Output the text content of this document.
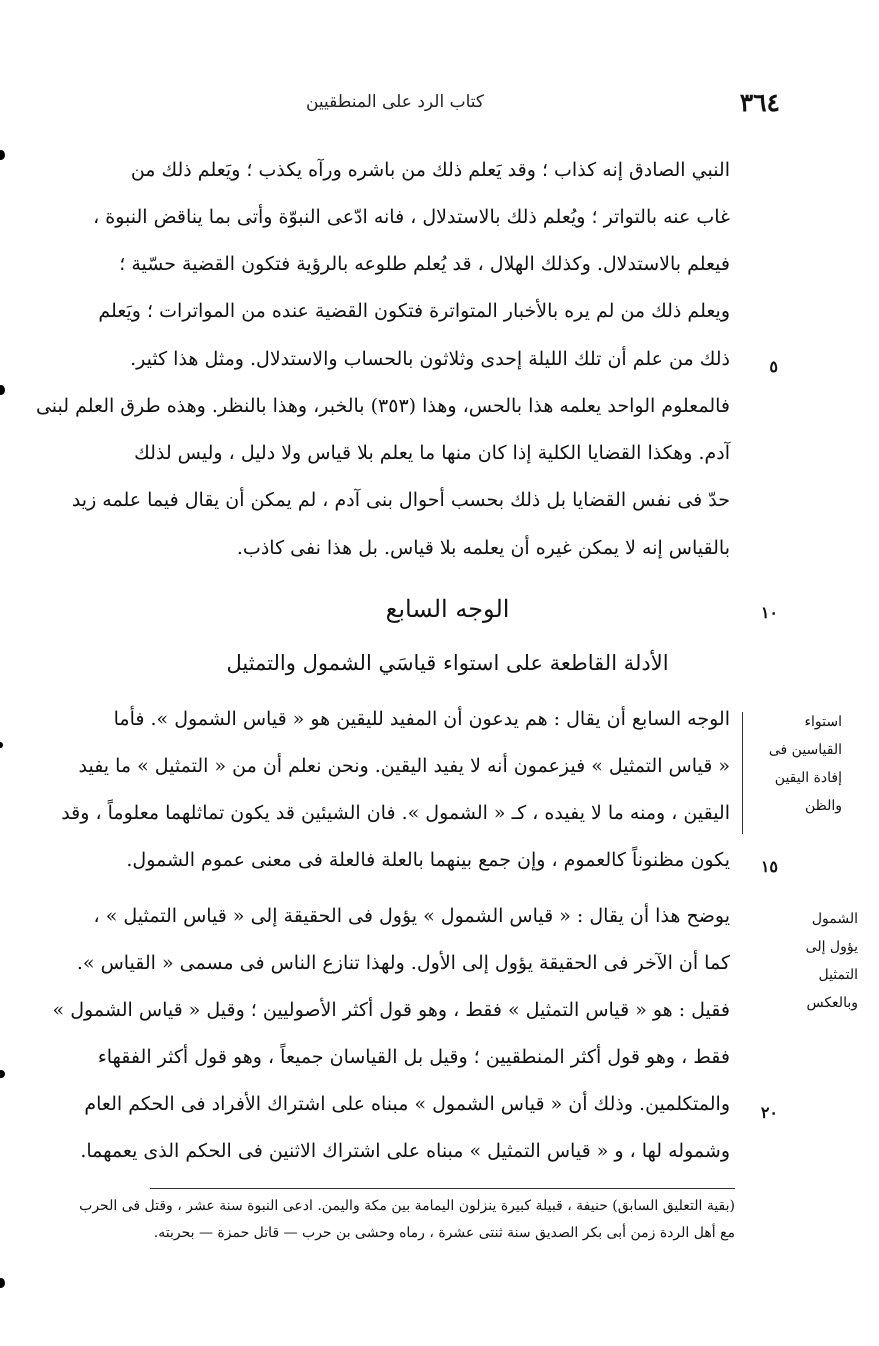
كتاب الرد على المنطقيين	٣٦٤
النبي الصادق إنه كذاب ؛ وقد يَعلم ذلك من باشره ورآه يكذب ؛ ويَعلم ذلك من
غاب عنه بالتواتر ؛ ويُعلم ذلك بالاستدلال ، فانه ادّعى النبوّة وأتى بما يناقض النبوة ،
فيعلم بالاستدلال. وكذلك الهلال ، قد يُعلم طلوعه بالرؤية فتكون القضية حسّية ؛
ويعلم ذلك من لم يره بالأخبار المتواترة فتكون القضية عنده من المواترات ؛ ويَعلم
ذلك من علم أن تلك الليلة إحدى وثلاثون بالحساب والاستدلال. ومثل هذا كثير.
فالمعلوم الواحد يعلمه هذا بالحس، وهذا (٣٥٣) بالخبر، وهذا بالنظر. وهذه طرق العلم لبنى
آدم. وهكذا القضايا الكلية إذا كان منها ما يعلم بلا قياس ولا دليل ، وليس لذلك
حدّ فى نفس القضايا بل ذلك بحسب أحوال بنى آدم ، لم يمكن أن يقال فيما علمه زيد
بالقياس إنه لا يمكن غيره أن يعلمه بلا قياس. بل هذا نفى كاذب.
الوجه السابع
الأدلة القاطعة على استواء قياسَي الشمول والتمثيل
الوجه السابع أن يقال : هم يدعون أن المفيد لليقين هو « قياس الشمول ». فأما
« قياس التمثيل » فيزعمون أنه لا يفيد اليقين. ونحن نعلم أن من « التمثيل » ما يفيد
اليقين ، ومنه ما لا يفيده ، كـ « الشمول ». فان الشيئين قد يكون تماثلهما معلوماً ، وقد
يكون مظنوناً كالعموم ، وإن جمع بينهما بالعلة فالعلة فى معنى عموم الشمول.
يوضح هذا أن يقال : « قياس الشمول » يؤول فى الحقيقة إلى « قياس التمثيل » ،
كما أن الآخر فى الحقيقة يؤول إلى الأول. ولهذا تنازع الناس فى مسمى « القياس ».
فقيل : هو « قياس التمثيل » فقط ، وهو قول أكثر الأصوليين ؛ وقيل « قياس الشمول »
فقط ، وهو قول أكثر المنطقيين ؛ وقيل بل القياسان جميعاً ، وهو قول أكثر الفقهاء
والمتكلمين. وذلك أن « قياس الشمول » مبناه على اشتراك الأفراد فى الحكم العام
وشموله لها ، و « قياس التمثيل » مبناه على اشتراك الاثنين فى الحكم الذى يعمهما.
٥
١٠
١٥
٢٠
استواء
القياسين فى
إفادة اليقين
والظن
الشمول
يؤول إلى
التمثيل
وبالعكس
(بقية التعليق السابق) حنيفة ، قبيلة كبيرة ينزلون اليمامة بين مكة واليمن. ادعى النبوة سنة عشر ، وقتل فى الحرب
مع أهل الردة زمن أبى بكر الصديق سنة ثنتى عشرة ، رماه وحشى بن حرب — قاتل حمزة — بحربته.
